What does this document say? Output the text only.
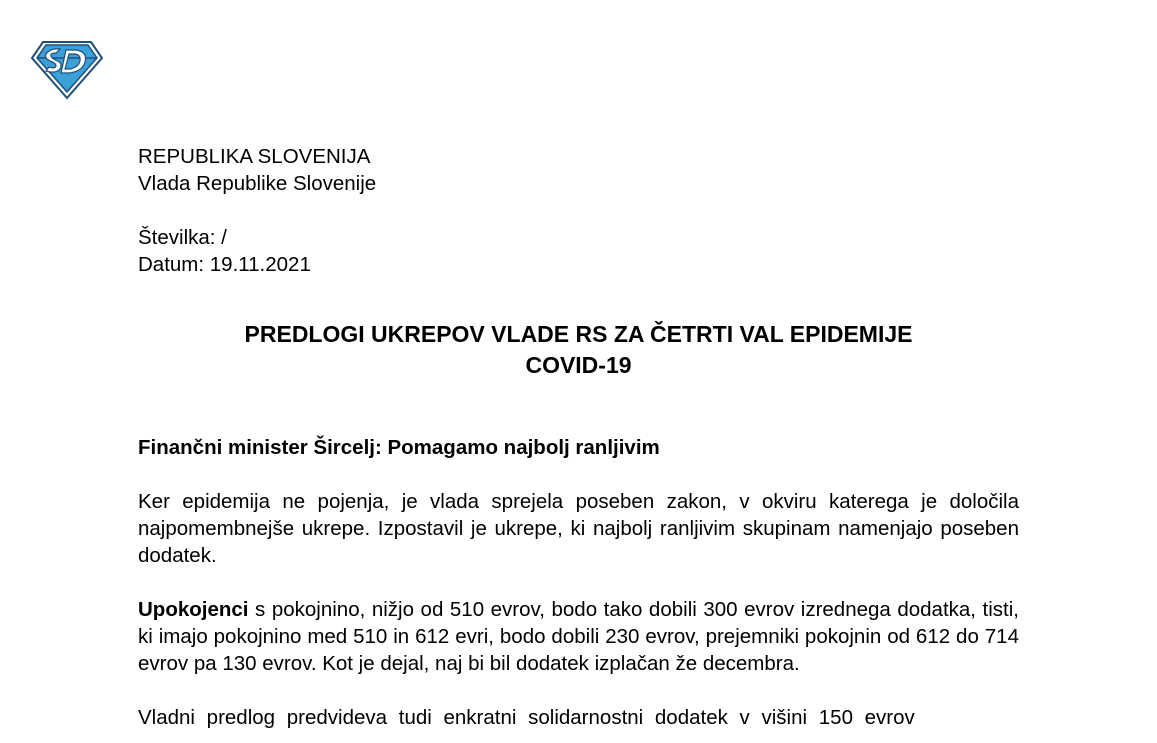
REPUBLIKA SLOVENIJA

Vlada Republike Slovenije

Številka: /

Datum: 19.11.2021

PREDLOGI UKREPOV VLADE RS ZA ČETRTI VAL EPIDEMIJE

COVID-19

Finančni minister Šircelj: Pomagamo najbolj ranljivim

Ker epidemija ne pojenja, je vlada sprejela poseben zakon, v okviru katerega je določila najpomembnejše ukrepe. Izpostavil je ukrepe, ki najbolj ranljivim skupinam namenjajo poseben dodatek.

Upokojenci s pokojnino, nižjo od 510 evrov, bodo tako dobili 300 evrov izrednega dodatka, tisti, ki imajo pokojnino med 510 in 612 evri, bodo dobili 230 evrov, prejemniki pokojnin od 612 do 714 evrov pa 130 evrov. Kot je dejal, naj bi bil dodatek izplačan že decembra.

Vladni predlog predvideva tudi enkratni solidarnostni dodatek v višini 150 evrov
